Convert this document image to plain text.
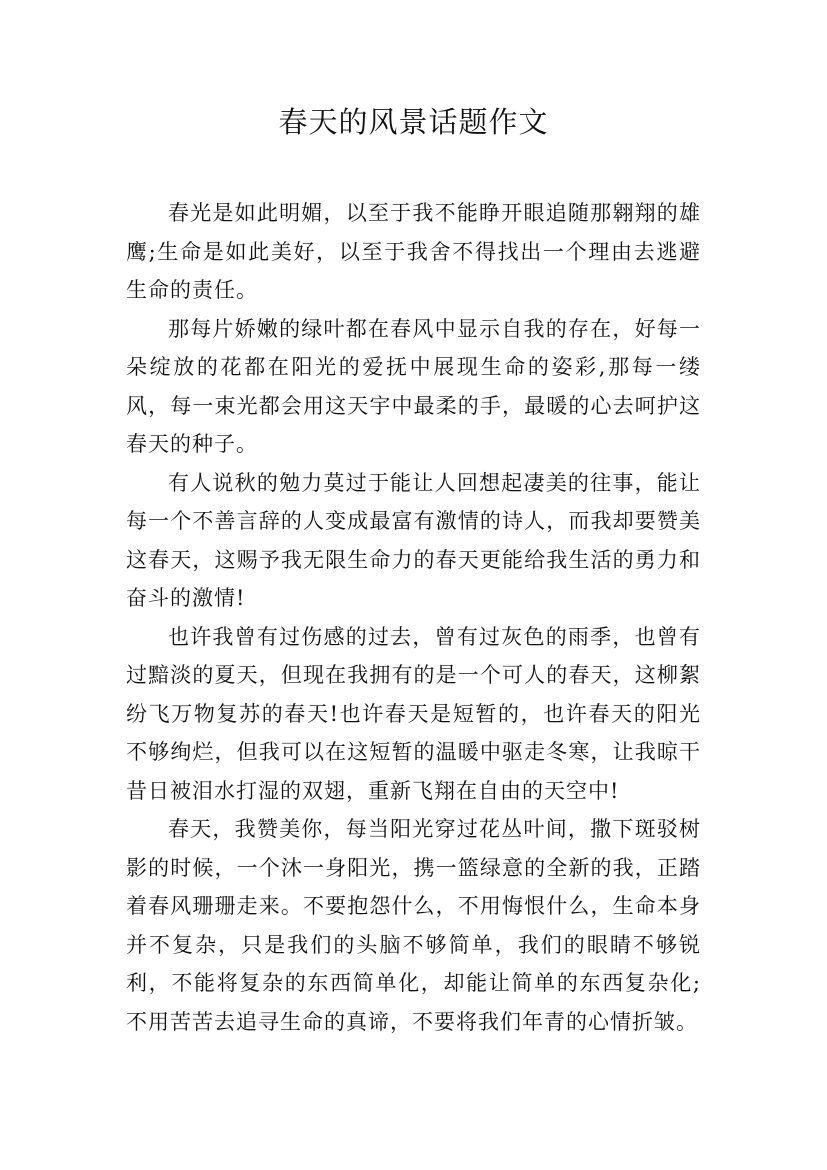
春天的风景话题作文

春光是如此明媚，以至于我不能睁开眼追随那翱翔的雄鹰;生命是如此美好，以至于我舍不得找出一个理由去逃避生命的责任。

那每片娇嫩的绿叶都在春风中显示自我的存在，好每一朵绽放的花都在阳光的爱抚中展现生命的姿彩,那每一缕风，每一束光都会用这天宇中最柔的手，最暖的心去呵护这春天的种子。

有人说秋的勉力莫过于能让人回想起凄美的往事，能让每一个不善言辞的人变成最富有激情的诗人，而我却要赞美这春天，这赐予我无限生命力的春天更能给我生活的勇力和奋斗的激情!

也许我曾有过伤感的过去，曾有过灰色的雨季，也曾有过黯淡的夏天，但现在我拥有的是一个可人的春天，这柳絮纷飞万物复苏的春天!也许春天是短暂的，也许春天的阳光不够绚烂，但我可以在这短暂的温暖中驱走冬寒，让我晾干昔日被泪水打湿的双翅，重新飞翔在自由的天空中!

春天，我赞美你，每当阳光穿过花丛叶间，撒下斑驳树影的时候，一个沐一身阳光，携一篮绿意的全新的我，正踏着春风珊珊走来。不要抱怨什么，不用悔恨什么，生命本身并不复杂，只是我们的头脑不够简单，我们的眼睛不够锐利，不能将复杂的东西简单化，却能让简单的东西复杂化;不用苦苦去追寻生命的真谛，不要将我们年青的心情折皱。
